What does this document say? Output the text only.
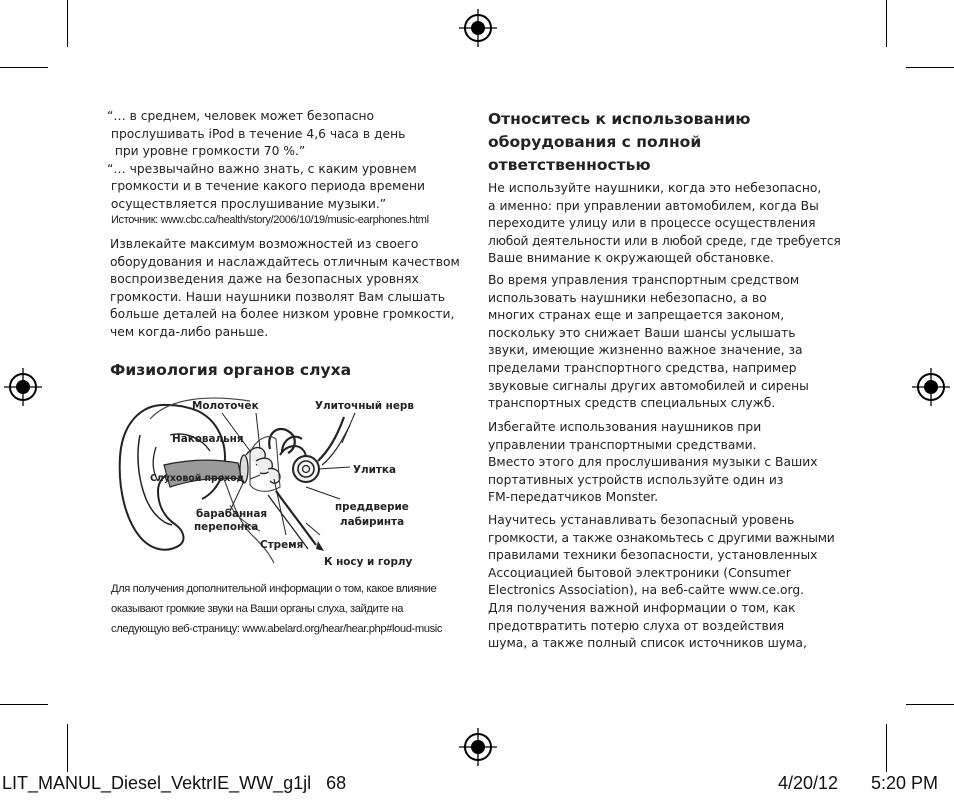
“… в среднем, человек может безопасно
прослушивать iPod в течение 4,6 часа в день
при уровне громкости 70 %.”
“… чрезвычайно важно знать, с каким уровнем
громкости и в течение какого периода времени
осуществляется прослушивание музыки.”
Источник: www.cbc.ca/health/story/2006/10/19/music-earphones.html
Извлекайте максимум возможностей из своего
оборудования и наслаждайтесь отличным качеством
воспроизведения даже на безопасных уровнях
громкости. Наши наушники позволят Вам слышать
больше деталей на более низком уровне громкости,
чем когда-либо раньше.
Физиология органов слуха
Молоточек	Улиточный нерв
Наковальня
Слуховой проход
Улитка
преддверие
лабиринта
барабанная
перепонка
Стремя
К носу и горлу
Для получения дополнительной информации о том, какое влияние
оказывают громкие звуки на Ваши органы слуха, зайдите на
следующую веб-страницу: www.abelard.org/hear/hear.php#loud-music
Относитесь к использованию
оборудования с полной
ответственностью
Не используйте наушники, когда это небезопасно,
а именно: при управлении автомобилем, когда Вы
переходите улицу или в процессе осуществления
любой деятельности или в любой среде, где требуется
Ваше внимание к окружающей обстановке.
Во время управления транспортным средством
использовать наушники небезопасно, а во
многих странах еще и запрещается законом,
поскольку это снижает Ваши шансы услышать
звуки, имеющие жизненно важное значение, за
пределами транспортного средства, например
звуковые сигналы других автомобилей и сирены
транспортных средств специальных служб.
Избегайте использования наушников при
управлении транспортными средствами.
Вместо этого для прослушивания музыки с Ваших
портативных устройств используйте один из
FM-передатчиков Monster.
Научитесь устанавливать безопасный уровень
громкости, а также ознакомьтесь с другими важными
правилами техники безопасности, установленных
Ассоциацией бытовой электроники (Consumer
Electronics Association), на веб-сайте www.ce.org.
Для получения важной информации о том, как
предотвратить потерю слуха от воздействия
шума, а также полный список источников шума,
LIT_MANUL_Diesel_VektrIE_WW_g1jl   68	4/20/12 5:20 PM
